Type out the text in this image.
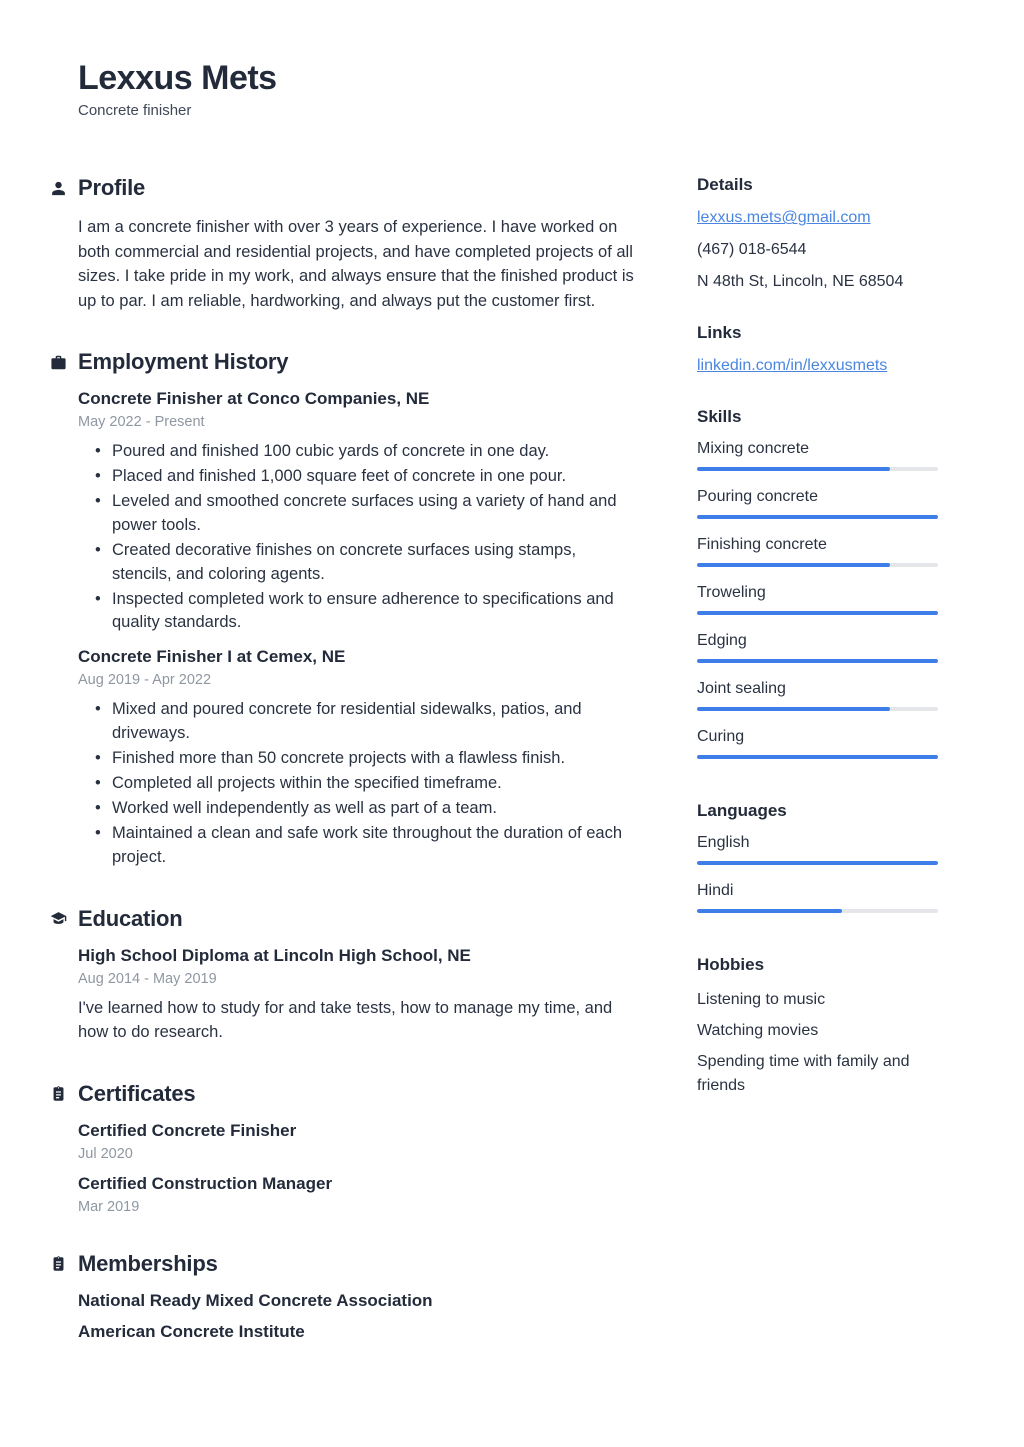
Lexxus Mets
Concrete finisher
Profile
I am a concrete finisher with over 3 years of experience. I have worked on both commercial and residential projects, and have completed projects of all sizes. I take pride in my work, and always ensure that the finished product is up to par. I am reliable, hardworking, and always put the customer first.
Employment History
Concrete Finisher at Conco Companies, NE
May 2022 - Present
• Poured and finished 100 cubic yards of concrete in one day.
• Placed and finished 1,000 square feet of concrete in one pour.
• Leveled and smoothed concrete surfaces using a variety of hand and power tools.
• Created decorative finishes on concrete surfaces using stamps, stencils, and coloring agents.
• Inspected completed work to ensure adherence to specifications and quality standards.
Concrete Finisher I at Cemex, NE
Aug 2019 - Apr 2022
• Mixed and poured concrete for residential sidewalks, patios, and driveways.
• Finished more than 50 concrete projects with a flawless finish.
• Completed all projects within the specified timeframe.
• Worked well independently as well as part of a team.
• Maintained a clean and safe work site throughout the duration of each project.
Education
High School Diploma at Lincoln High School, NE
Aug 2014 - May 2019
I've learned how to study for and take tests, how to manage my time, and how to do research.
Certificates
Certified Concrete Finisher
Jul 2020
Certified Construction Manager
Mar 2019
Memberships
National Ready Mixed Concrete Association
American Concrete Institute
Details
lexxus.mets@gmail.com
(467) 018-6544
N 48th St, Lincoln, NE 68504
Links
linkedin.com/in/lexxusmets
Skills
Mixing concrete
Pouring concrete
Finishing concrete
Troweling
Edging
Joint sealing
Curing
Languages
English
Hindi
Hobbies
Listening to music
Watching movies
Spending time with family and friends
